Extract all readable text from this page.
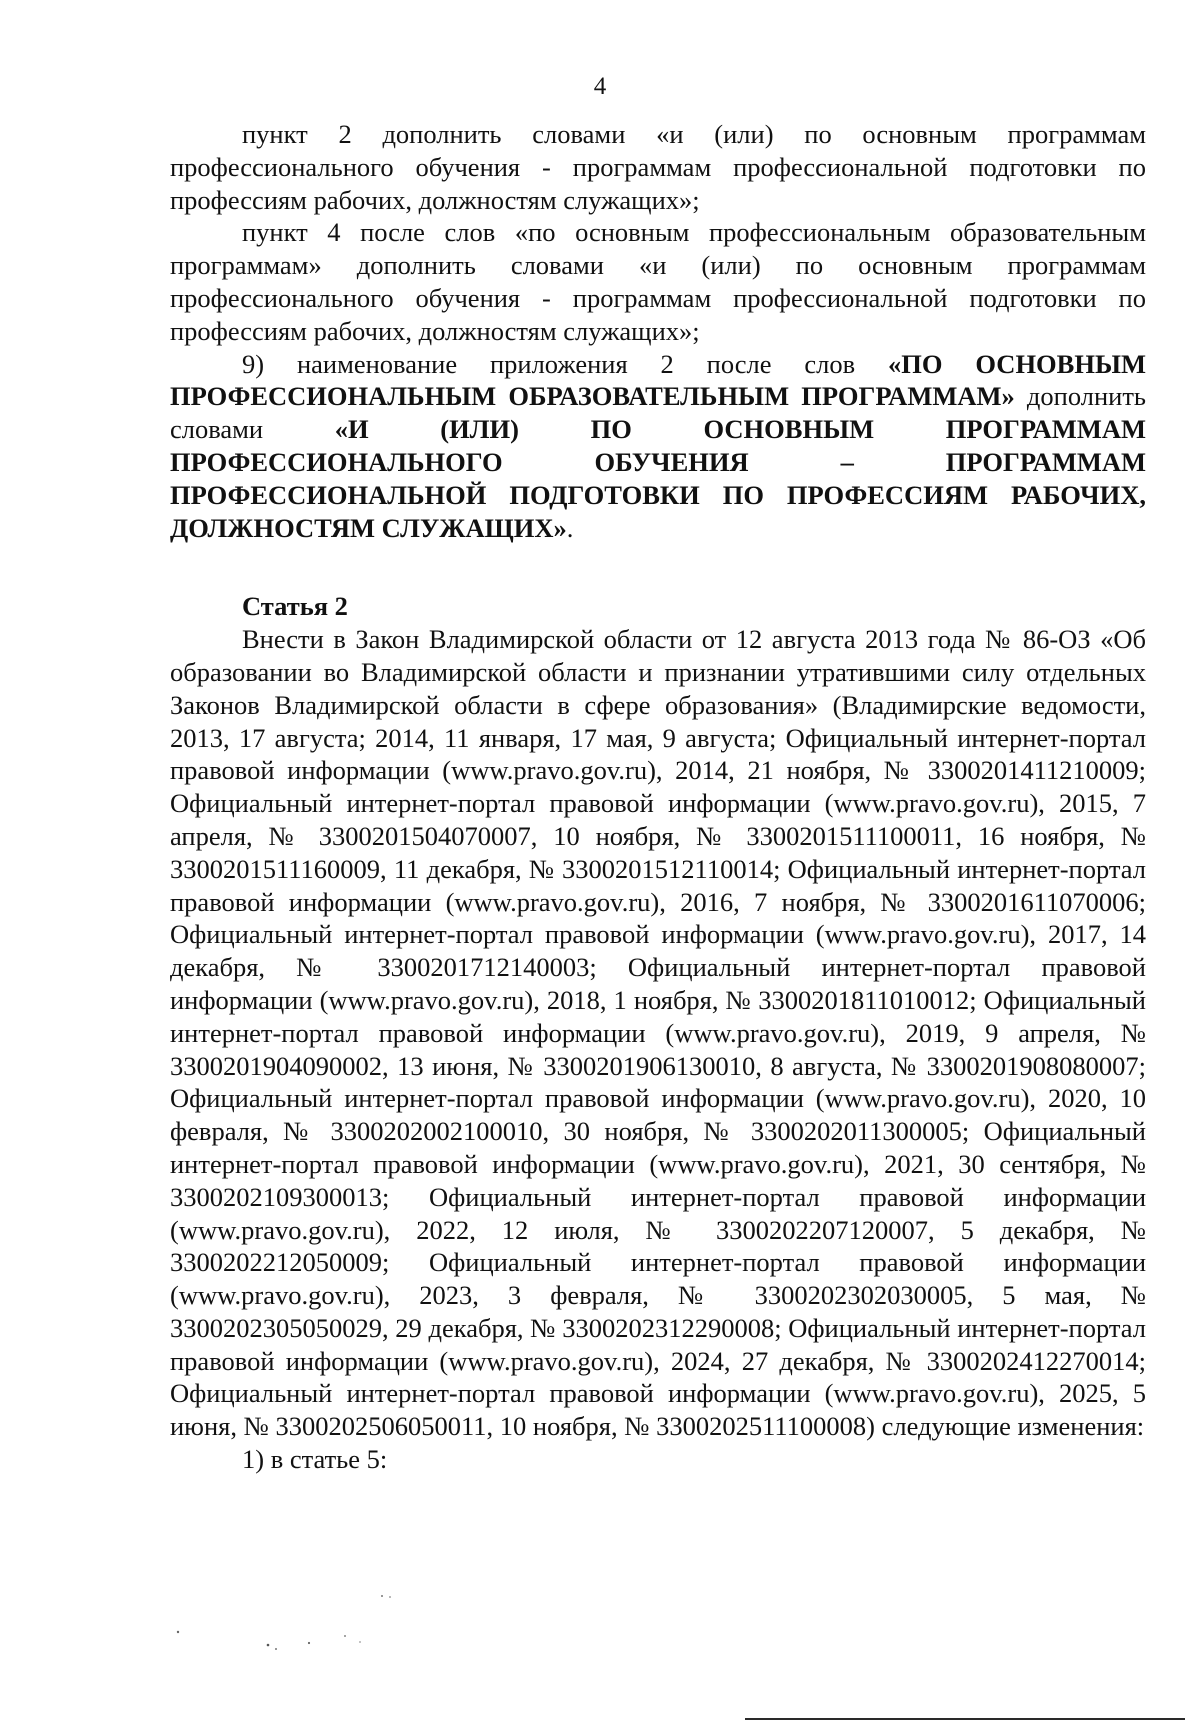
4

пункт 2 дополнить словами «и (или) по основным программам профессионального обучения - программам профессиональной подготовки по профессиям рабочих, должностям служащих»;

пункт 4 после слов «по основным профессиональным образовательным программам» дополнить словами «и (или) по основным программам профессионального обучения - программам профессиональной подготовки по профессиям рабочих, должностям служащих»;

9) наименование приложения 2 после слов «ПО ОСНОВНЫМ ПРОФЕССИОНАЛЬНЫМ ОБРАЗОВАТЕЛЬНЫМ ПРОГРАММАМ» дополнить словами «И (ИЛИ) ПО ОСНОВНЫМ ПРОГРАММАМ ПРОФЕССИОНАЛЬНОГО ОБУЧЕНИЯ – ПРОГРАММАМ ПРОФЕССИОНАЛЬНОЙ ПОДГОТОВКИ ПО ПРОФЕССИЯМ РАБОЧИХ, ДОЛЖНОСТЯМ СЛУЖАЩИХ».

Статья 2

Внести в Закон Владимирской области от 12 августа 2013 года № 86-ОЗ «Об образовании во Владимирской области и признании утратившими силу отдельных Законов Владимирской области в сфере образования» (Владимирские ведомости, 2013, 17 августа; 2014, 11 января, 17 мая, 9 августа; Официальный интернет-портал правовой информации (www.pravo.gov.ru), 2014, 21 ноября, № 3300201411210009; Официальный интернет-портал правовой информации (www.pravo.gov.ru), 2015, 7 апреля, № 3300201504070007, 10 ноября, № 3300201511100011, 16 ноября, № 3300201511160009, 11 декабря, № 3300201512110014; Официальный интернет-портал правовой информации (www.pravo.gov.ru), 2016, 7 ноября, № 3300201611070006; Официальный интернет-портал правовой информации (www.pravo.gov.ru), 2017, 14 декабря, № 3300201712140003; Официальный интернет-портал правовой информации (www.pravo.gov.ru), 2018, 1 ноября, № 3300201811010012; Официальный интернет-портал правовой информации (www.pravo.gov.ru), 2019, 9 апреля, № 3300201904090002, 13 июня, № 3300201906130010, 8 августа, № 3300201908080007; Официальный интернет-портал правовой информации (www.pravo.gov.ru), 2020, 10 февраля, № 3300202002100010, 30 ноября, № 3300202011300005; Официальный интернет-портал правовой информации (www.pravo.gov.ru), 2021, 30 сентября, № 3300202109300013; Официальный интернет-портал правовой информации (www.pravo.gov.ru), 2022, 12 июля, № 3300202207120007, 5 декабря, № 3300202212050009; Официальный интернет-портал правовой информации (www.pravo.gov.ru), 2023, 3 февраля, № 3300202302030005, 5 мая, № 3300202305050029, 29 декабря, № 3300202312290008; Официальный интернет-портал правовой информации (www.pravo.gov.ru), 2024, 27 декабря, № 3300202412270014; Официальный интернет-портал правовой информации (www.pravo.gov.ru), 2025, 5 июня, № 3300202506050011, 10 ноября, № 3300202511100008) следующие изменения:

1) в статье 5:
